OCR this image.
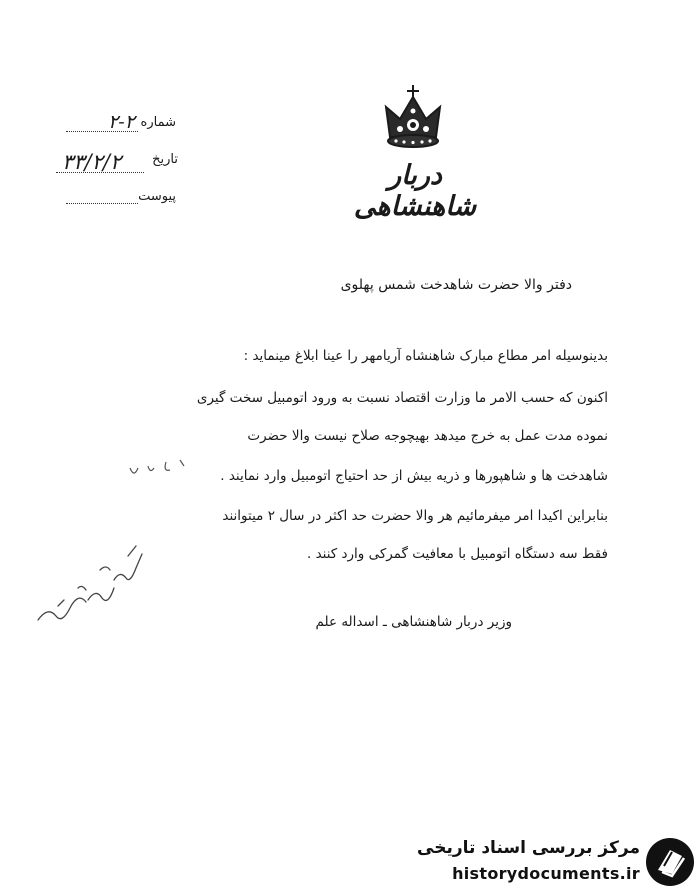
دربار شاهنشاهی
شماره
۲-۲
تاریخ
۳۳/۲/۲
پیوست
دفتر والا حضرت شاهدخت شمس پهلوی
بدینوسیله امر مطاع مبارک شاهنشاه آریامهر را عینا ابلاغ مینماید :
اکنون که حسب الامر ما وزارت اقتصاد نسبت به ورود اتومبیل سخت گیری
نموده مدت عمل به خرج میدهد بهیچوجه صلاح نیست والا حضرت
شاهدخت ها و شاهپورها و ذریه بیش از حد احتیاج اتومبیل وارد نمایند .
بنابراین اکیدا امر میفرمائیم هر والا حضرت حد اکثر در سال ۲ میتوانند
فقط سه دستگاه اتومبیل با معافیت گمرکی وارد کنند .
وزیر دربار شاهنشاهی ـ اسداله علم
مرکز بررسی اسناد تاریخی
historydocuments.ir
